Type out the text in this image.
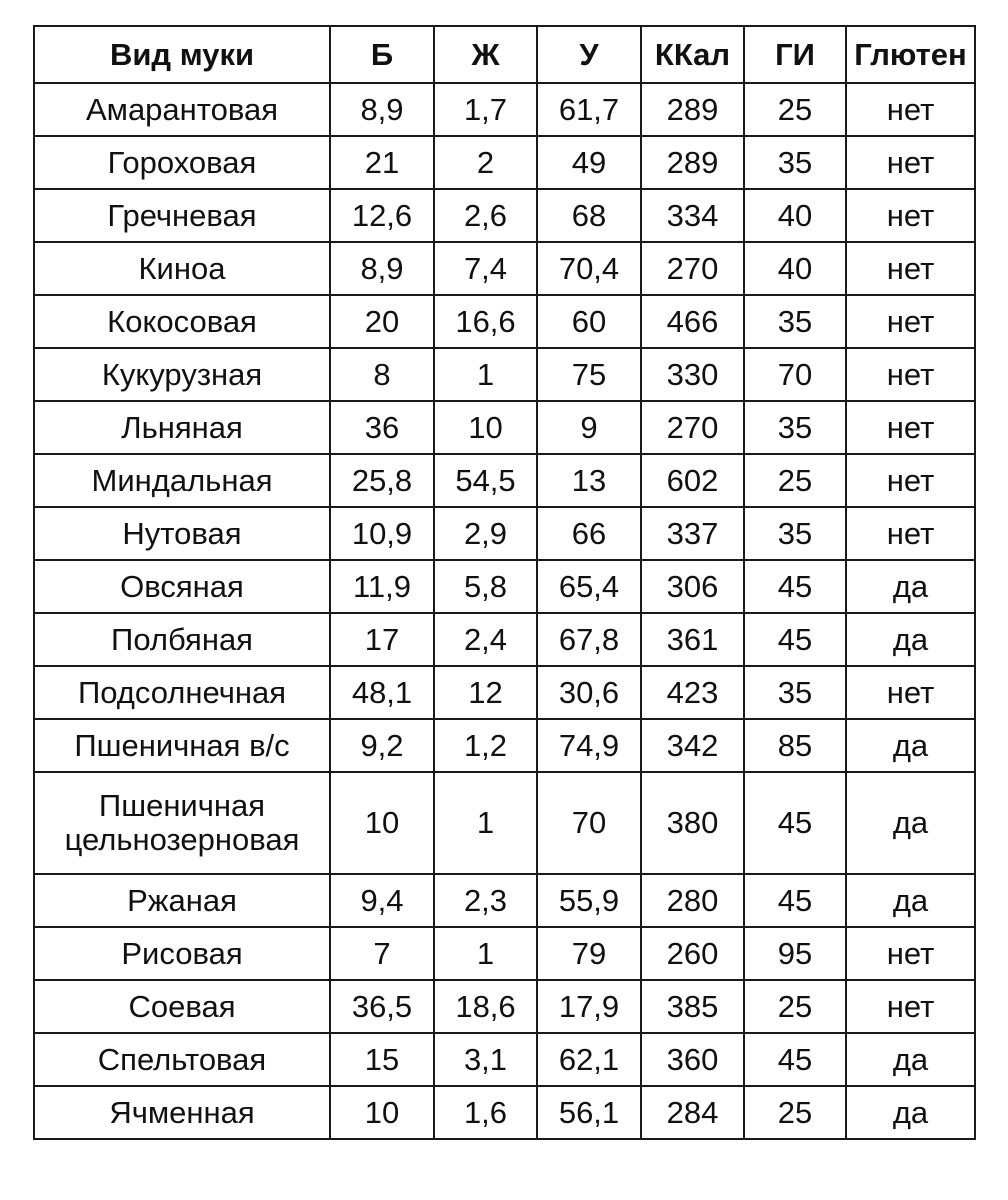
Вид муки	Б	Ж	У	ККал	ГИ	Глютен
Амарантовая	8,9	1,7	61,7	289	25	нет
Гороховая	21	2	49	289	35	нет
Гречневая	12,6	2,6	68	334	40	нет
Киноа	8,9	7,4	70,4	270	40	нет
Кокосовая	20	16,6	60	466	35	нет
Кукурузная	8	1	75	330	70	нет
Льняная	36	10	9	270	35	нет
Миндальная	25,8	54,5	13	602	25	нет
Нутовая	10,9	2,9	66	337	35	нет
Овсяная	11,9	5,8	65,4	306	45	да
Полбяная	17	2,4	67,8	361	45	да
Подсолнечная	48,1	12	30,6	423	35	нет
Пшеничная в/с	9,2	1,2	74,9	342	85	да
Пшеничная цельнозерновая	10	1	70	380	45	да
Ржаная	9,4	2,3	55,9	280	45	да
Рисовая	7	1	79	260	95	нет
Соевая	36,5	18,6	17,9	385	25	нет
Спельтовая	15	3,1	62,1	360	45	да
Ячменная	10	1,6	56,1	284	25	да
